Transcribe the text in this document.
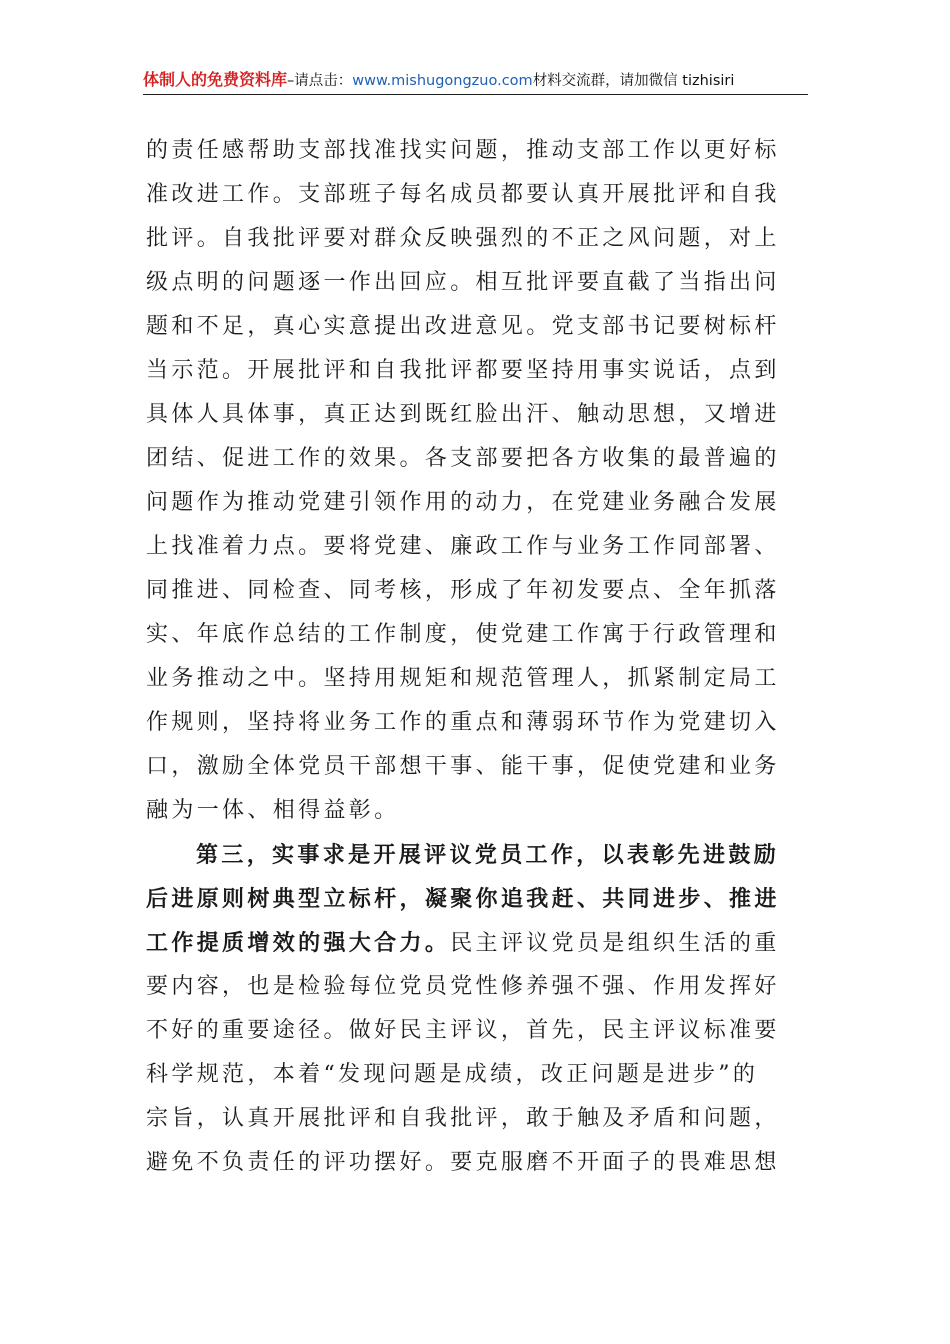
体制人的免费资料库–请点击：www.mishugongzuo.com材料交流群，请加微信 tizhisiri

的责任感帮助支部找准找实问题，推动支部工作以更好标
准改进工作。支部班子每名成员都要认真开展批评和自我
批评。自我批评要对群众反映强烈的不正之风问题，对上
级点明的问题逐一作出回应。相互批评要直截了当指出问
题和不足，真心实意提出改进意见。党支部书记要树标杆
当示范。开展批评和自我批评都要坚持用事实说话，点到
具体人具体事，真正达到既红脸出汗、触动思想，又增进
团结、促进工作的效果。各支部要把各方收集的最普遍的
问题作为推动党建引领作用的动力，在党建业务融合发展
上找准着力点。要将党建、廉政工作与业务工作同部署、
同推进、同检查、同考核，形成了年初发要点、全年抓落
实、年底作总结的工作制度，使党建工作寓于行政管理和
业务推动之中。坚持用规矩和规范管理人，抓紧制定局工
作规则，坚持将业务工作的重点和薄弱环节作为党建切入
口，激励全体党员干部想干事、能干事，促使党建和业务
融为一体、相得益彰。

第三，实事求是开展评议党员工作，以表彰先进鼓励
后进原则树典型立标杆，凝聚你追我赶、共同进步、推进
工作提质增效的强大合力。民主评议党员是组织生活的重
要内容，也是检验每位党员党性修养强不强、作用发挥好
不好的重要途径。做好民主评议，首先，民主评议标准要
科学规范，本着“发现问题是成绩，改正问题是进步”的
宗旨，认真开展批评和自我批评，敢于触及矛盾和问题，
避免不负责任的评功摆好。要克服磨不开面子的畏难思想
